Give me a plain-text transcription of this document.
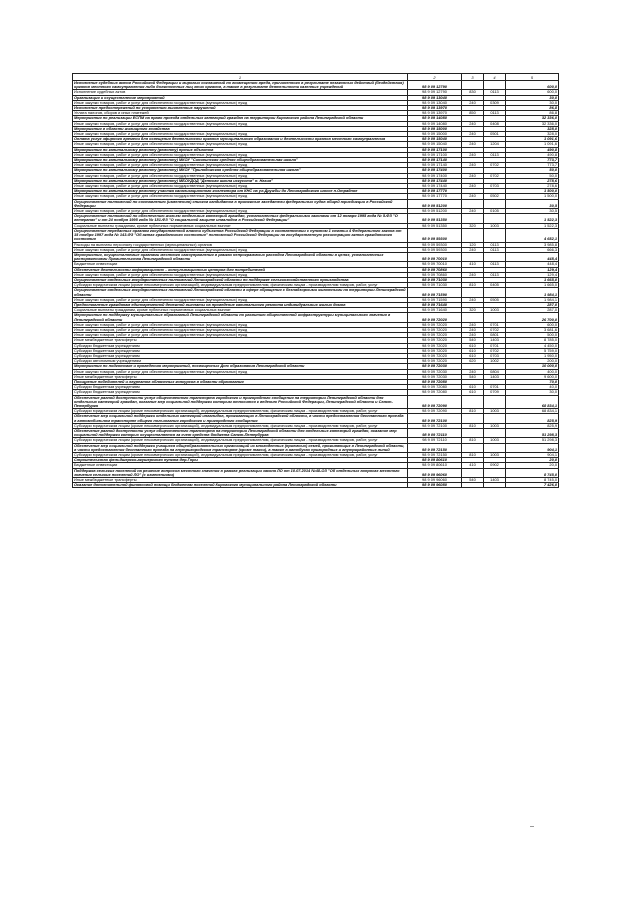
1	2	3	4	5
Исполнение судебных актов Российской Федерации и мировых соглашений по возмещению вреда, причиненного в результате незаконных действий (бездействия) органов местного самоуправления либо должностных лиц этих органов, а также в результате деятельности казенных учреждений	98 9 09 12790			600,0
Исполнение судебных актов	98 9 09 12790	830	0113	600,0
Организация и осуществление мероприятий	98 9 09 13040			30,0
Иные закупки товаров, работ и услуг для обеспечения государственных (муниципальных) нужд	98 9 09 13040	240	0309	30,0
Исполнение предостережений по устранению выявленных нарушений	98 9 09 13970			86,8
Уплата налогов, сборов и иных платежей	98 9 09 13970	850	0113	86,8
Мероприятия по реализации ЕСПМ на право проезда отдельных категорий граждан на территории Кировского района Ленинградской области	98 9 09 14080			32 336,0
Иные закупки товаров, работ и услуг для обеспечения государственных (муниципальных) нужд	98 9 09 14080	240	0408	32 336,0
Мероприятия в области жилищного хозяйства	98 9 09 15000			328,0
Иные закупки товаров, работ и услуг для обеспечения государственных (муниципальных) нужд	98 9 09 15000	240	0501	328,0
Оплата услуг эфирного времени для освещения деятельности органов муниципального образования и деятельности органов местного самоуправления	98 9 09 15040			1 091,6
Иные закупки товаров, работ и услуг для обеспечения государственных (муниципальных) нужд	98 9 09 15040	240	1204	1 091,6
Мероприятия по капитальному ремонту (ремонту) прочих объектов	98 9 09 17100			490,8
Иные закупки товаров, работ и услуг для обеспечения государственных (муниципальных) нужд	98 9 09 17100	240	0113	490,8
Мероприятия по капитальному ремонту (ремонту) МКОУ "Синявинская средняя общеобразовательная школа"	98 9 09 17140			773,7
Иные закупки товаров, работ и услуг для обеспечения государственных (муниципальных) нужд	98 9 09 17140	240	0702	773,7
Мероприятия по капитальному ремонту (ремонту) МКОУ "Приладожская средняя общеобразовательная школа"	98 9 09 17400			50,0
Иные закупки товаров, работ и услуг для обеспечения государственных (муниципальных) нужд	98 9 09 17400	240	0702	50,0
Мероприятия по капитальному ремонту (ремонту) МБОУДОД "Детская школа искусств" п. Назия"	98 9 09 17440			278,6
Иные закупки товаров, работ и услуг для обеспечения государственных (муниципальных) нужд	98 9 09 17440	240	0703	278,6
Мероприятия по капитальному ремонту участка канализационного коллектора от КНС на ул.Дружбы до Ленинградского шоссе п.Отрадное	98 9 09 17770			1 500,0
Иные закупки товаров, работ и услуг для обеспечения государственных (муниципальных) нужд	98 9 09 17770	240	0502	1 500,0
Осуществление полномочий по составлению (изменению) списков кандидатов в присяжные заседатели федеральных судов общей юрисдикции в Российской Федерации	98 9 09 51200			30,5
Иные закупки товаров, работ и услуг для обеспечения государственных (муниципальных) нужд	98 9 09 51200	240	0105	30,5
Осуществление полномочий по обеспечению жильем отдельных категорий граждан, установленных федеральными законами от 12 января 1995 года № 5-ФЗ "О ветеранах" и от 24 ноября 1995 года № 181-ФЗ "О социальной защите инвалидов в Российской Федерации"	98 9 09 51350			1 522,3
Социальные выплаты гражданам, кроме публичных нормативных социальных выплат	98 9 09 51350	320	1003	1 522,3
Осуществление переданных органам государственной власти субъектов Российской Федерации в соответствии с пунктом 1 статьи 4 Федерального закона от 15 ноября 1997 года № 143-ФЗ "Об актах гражданского состояния" полномочий Российской Федерации на государственную регистрацию актов гражданского состояния	98 9 09 59300			4 652,1
Расходы на выплаты персоналу государственных (муниципальных) органов	98 9 09 59300	120	0113	3 985,8
Иные закупки товаров, работ и услуг для обеспечения государственных (муниципальных) нужд	98 9 09 59300	240	0113	666,3
Мероприятия, осуществляемые органами местного самоуправления в рамках непрограммных расходов Ленинградской области в целях, установленных распоряжениями Правительства Ленинградской области	98 9 09 70010			448,4
Бюджетные инвестиции	98 9 09 70010	410	0113	448,4
Обеспечение деятельности информационно – консультационных центров для потребителей	98 9 09 70860			129,4
Иные закупки товаров, работ и услуг для обеспечения государственных (муниципальных) нужд	98 9 09 70860	240	0113	129,4
Осуществление отдельных государственных полномочий Ленинградской области по поддержке сельскохозяйственного производства	98 9 09 71030			1 665,0
Субсидии юридическим лицам (кроме некоммерческих организаций), индивидуальным предпринимателям, физическим лицам - производителям товаров, работ, услуг	98 9 09 71030	810	0405	1 665,0
Осуществление отдельных государственных полномочий Ленинградской области в сфере обращения с безнадзорными животными на территории Ленинградской области	98 9 09 71590			1 984,1
Иные закупки товаров, работ и услуг для обеспечения государственных (муниципальных) нужд	98 9 09 71590	240	0505	1 984,1
Предоставление гражданам единовременной денежной выплаты на проведение капитального ремонта индивидуальных жилых домов	98 9 09 71640			287,0
Социальные выплаты гражданам, кроме публичных нормативных социальных выплат	98 9 09 71640	320	1003	287,0
Мероприятия по поддержку муниципальных образований Ленинградской области по развитию общественной инфраструктуры муниципального значения в Ленинградской области	98 9 09 72020			26 700,0
Иные закупки товаров, работ и услуг для обеспечения государственных (муниципальных) нужд	98 9 09 72020	240	0701	600,0
Иные закупки товаров, работ и услуг для обеспечения государственных (муниципальных) нужд	98 9 09 72020	240	0702	3 681,6
Иные закупки товаров, работ и услуг для обеспечения государственных (муниципальных) нужд	98 9 09 72020	240	0801	500,0
Иные межбюджетные трансферты	98 9 09 72020	540	1403	8 785,0
Субсидии бюджетным учреждениям	98 9 09 72020	610	0701	4 450,0
Субсидии бюджетным учреждениям	98 9 09 72020	610	0702	5 759,0
Субсидии бюджетным учреждениям	98 9 09 72020	610	0703	1 950,0
Субсидии автономным учреждениям	98 9 09 72020	620	1002	200,0
Мероприятия по подготовке и проведению мероприятий, посвященных Дню образования Ленинградской области	98 9 09 72030			10 000,0
Иные закупки товаров, работ и услуг для обеспечения государственных (муниципальных) нужд	98 9 09 72030	240	0804	400,0
Иные межбюджетные трансферты	98 9 09 72030	540	1403	9 600,0
Поощрение победителей и лауреатов областных конкурсов в области образования	98 9 09 72080			70,0
Субсидии бюджетным учреждениям	98 9 09 72080	610	0701	40,0
Субсидии бюджетным учреждениям	98 9 09 72080	610	0709	30,0
Обеспечение равной доступности услуг общественного транспорта городского и пригородного сообщения на территории Ленинградской области для отдельных категорий граждан, оказание мер социальной поддержки которым относится к ведению Российской Федерации, Ленинградской области и Санкт-Петербурга	98 9 09 72090			68 834,1
Субсидии юридическим лицам (кроме некоммерческих организаций), индивидуальным предпринимателям, физическим лицам - производителям товаров, работ, услуг	98 9 09 72090	810	1003	68 834,1
Обеспечение мер социальной поддержки отдельных категорий инвалидов, проживающих в Ленинградской области, в части предоставления бесплатного проезда в автомобильном транспорте общего пользования городского и пригородного сообщения	98 9 09 72100			825,9
Субсидии юридическим лицам (кроме некоммерческих организаций), индивидуальным предпринимателям, физическим лицам - производителям товаров, работ, услуг	98 9 09 72100	810	1003	825,9
Обеспечение равной доступности услуг общественного транспорта на территории Ленинградской области для отдельных категорий граждан, оказание мер социальной поддержки которых осуществляется за счет средств бюджета Санкт-Петербурга	98 9 09 72110			51 298,3
Субсидии юридическим лицам (кроме некоммерческих организаций), индивидуальным предпринимателям, физическим лицам - производителям товаров, работ, услуг	98 9 09 72110	810	1003	51 298,3
Обеспечение мер социальной поддержки учащихся общеобразовательных организаций из многодетных (приемных) семей, проживающих в Ленинградской области, в части предоставления бесплатного проезда на внутригородском транспорте (кроме такси), а также в автобусах пригородных и внутрирайонных линий	98 9 09 72150			904,1
Субсидии юридическим лицам (кроме некоммерческих организаций), индивидуальным предпринимателям, физическим лицам - производителям товаров, работ, услуг	98 9 09 72150	810	1003	904,1
Строительство фельдшерско-акушерского пункта дер.Горы	98 9 09 80610			20,0
Бюджетные инвестиции	98 9 09 80610	410	0902	20,0
Поддержка сельских поселений на решение вопросов местного значения в рамках реализации закона ЛО от 10.07.2014 №48-ОЗ "Об отдельных вопросах местного значения сельских поселений ЛО" (с изменениями)	98 9 09 96060			8 745,0
Иные межбюджетные трансферты	98 9 09 96060	540	1403	8 745,0
Оказание дополнительной финансовой помощи бюджетам поселений Кировского муниципального района Ленинградской области	98 9 09 96080			7 426,0
